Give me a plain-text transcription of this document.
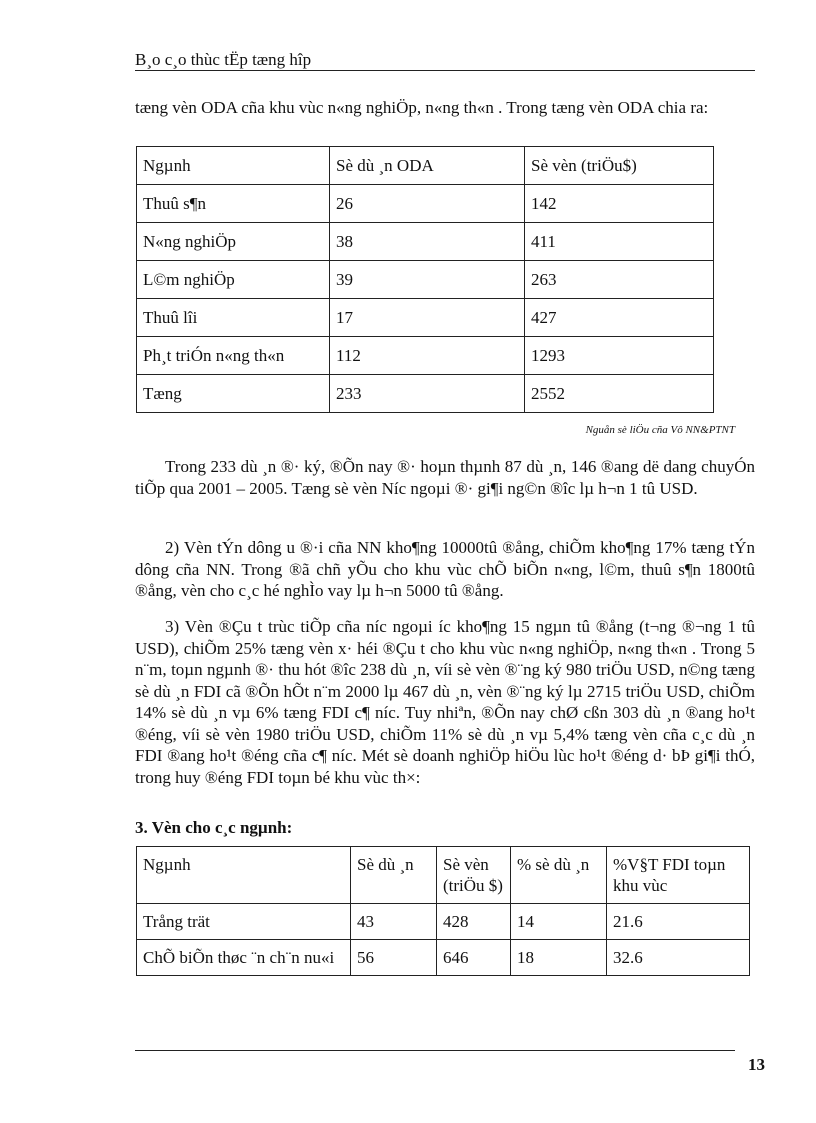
B¸o c¸o thùc tËp tæng hîp
tæng vèn ODA cña khu vùc n«ng nghiÖp, n«ng th«n . Trong tæng vèn ODA chia ra:
Ngµnh	Sè dù ¸n ODA	Sè vèn (triÖu$)
Thuû s¶n	26	142
N«ng nghiÖp	38	411
L©m nghiÖp	39	263
Thuû lîi	17	427
Ph¸t triÓn n«ng th«n	112	1293
Tæng	233	2552
Nguån sè liÖu cña Vô NN&PTNT
Trong 233 dù ¸n ®· ký, ®Õn nay ®· hoµn thµnh 87 dù ¸n, 146 ®ang dë dang chuyÓn tiÕp qua 2001 – 2005. Tæng sè vèn Níc ngoµi ®· gi¶i ng©n ®îc lµ h¬n 1 tû USD.
2) Vèn tÝn dông u ®·i cña NN kho¶ng 10000tû ®ång, chiÕm kho¶ng 17% tæng tÝn dông cña NN. Trong ®ã chñ yÕu cho khu vùc chÕ biÕn n«ng, l©m, thuû s¶n 1800tû ®ång, vèn cho c¸c hé nghÌo vay lµ h¬n 5000 tû ®ång.
3) Vèn ®Çu t trùc tiÕp cña níc ngoµi íc kho¶ng 15 ngµn tû ®ång (t¬ng ®¬ng 1 tû USD), chiÕm 25% tæng vèn x· héi ®Çu t cho khu vùc n«ng nghiÖp, n«ng th«n . Trong 5 n¨m, toµn ngµnh ®· thu hót ®îc 238 dù ¸n, víi sè vèn ®¨ng ký 980 triÖu USD, n©ng tæng sè dù ¸n FDI cã ®Õn hÕt n¨m 2000 lµ 467 dù ¸n, vèn ®¨ng ký lµ 2715 triÖu USD, chiÕm 14% sè dù ¸n vµ 6% tæng FDI c¶ níc. Tuy nhiªn, ®Õn nay chØ cßn 303 dù ¸n ®ang ho¹t ®éng, víi sè vèn 1980 triÖu USD, chiÕm 11% sè dù ¸n vµ 5,4% tæng vèn cña c¸c dù ¸n FDI ®ang ho¹t ®éng cña c¶ níc. Mét sè doanh nghiÖp hiÖu lùc ho¹t ®éng d· bÞ gi¶i thÓ, trong huy ®éng FDI toµn bé khu vùc th×:
3. Vèn cho c¸c ngµnh:
Ngµnh	Sè dù ¸n	Sè vèn (triÖu $)	% sè dù ¸n	%V§T FDI toµn khu vùc
Trång trät	43	428	14	21.6
ChÕ biÕn thøc ¨n ch¨n nu«i	56	646	18	32.6
13
